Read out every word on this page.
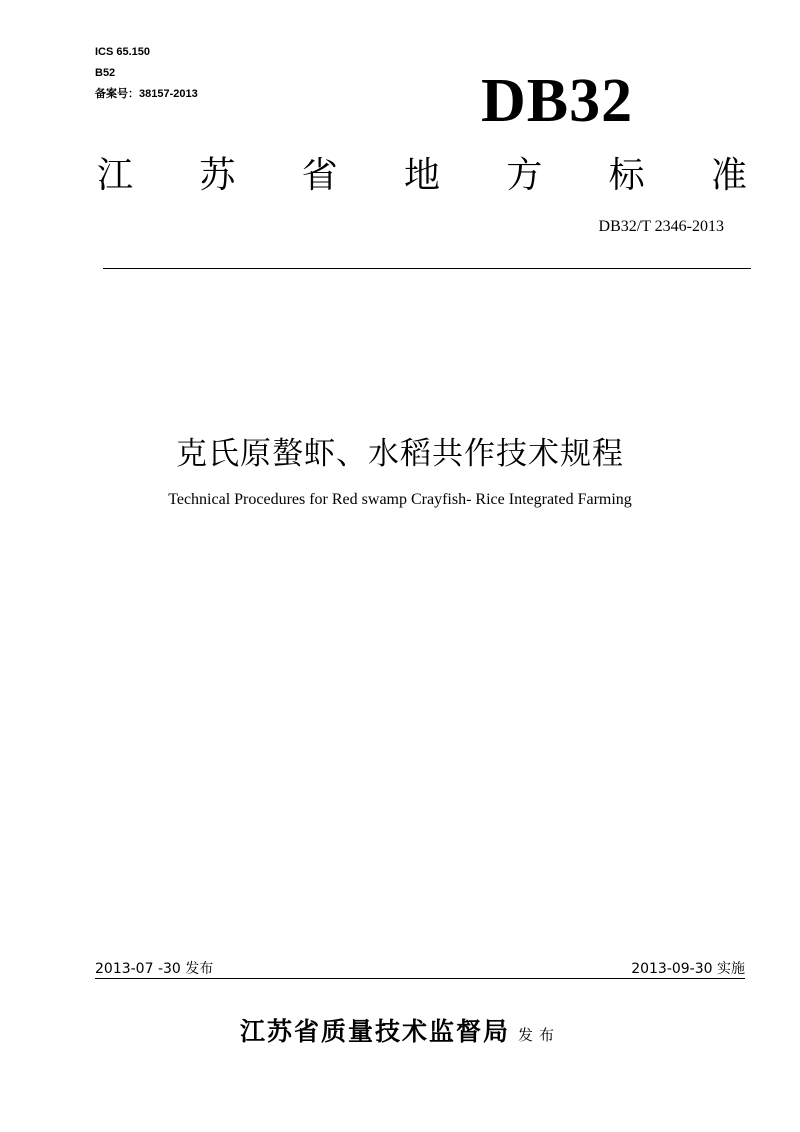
ICS 65.150
B52
备案号：38157-2013	DB32
江 苏 省 地 方 标 准
DB32/T 2346-2013
克氏原螯虾、水稻共作技术规程
Technical Procedures for Red swamp Crayfish- Rice Integrated Farming
2013-07 -30 发布	2013-09-30 实施
江苏省质量技术监督局 发布
